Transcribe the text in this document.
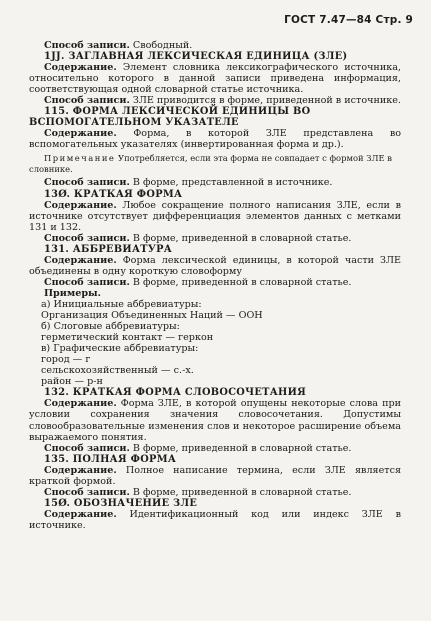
ГОСТ 7.47—84 Стр. 9

Способ записи. Свободный.

1ЈЈ. ЗАГЛАВНАЯ ЛЕКСИЧЕСКАЯ ЕДИНИЦА (ЗЛЕ)

Содержание. Элемент словника лексикографического источника, относительно которого в данной записи приведена информация, соответствующая одной словарной статье источника.

Способ записи. ЗЛЕ приводится в форме, приведенной в источнике.

115. ФОРМА ЛЕКСИЧЕСКОЙ ЕДИНИЦЫ ВО ВСПОМОГАТЕЛЬНОМ УКАЗАТЕЛЕ

Содержание. Форма, в которой ЗЛЕ представлена во вспомогательных указателях (инвертированная форма и др.).

Примечание Употребляется, если эта форма не совпадает с формой ЗЛЕ в словнике.

Способ записи. В форме, представленной в источнике.

13Ø. КРАТКАЯ ФОРМА

Содержание. Любое сокращение полного написания ЗЛЕ, если в источнике отсутствует дифференциация элементов данных с метками 131 и 132.

Способ записи. В форме, приведенной в словарной статье.

131. АББРЕВИАТУРА

Содержание. Форма лексической единицы, в которой части ЗЛЕ объединены в одну короткую словоформу

Способ записи. В форме, приведенной в словарной статье.

Примеры.

а) Инициальные аббревиатуры:

Организация Объединенных Наций — ООН

б) Слоговые аббревиатуры:

герметический контакт — геркон

в) Графические аббревиатуры:

город — г

сельскохозяйственный — с.-х.

район — р-н

132. КРАТКАЯ ФОРМА СЛОВОСОЧЕТАНИЯ

Содержание. Форма ЗЛЕ, в которой опущены некоторые слова при условии сохранения значения словосочетания. Допустимы словообразовательные изменения слов и некоторое расширение объема выражаемого понятия.

Способ записи. В форме, приведенной в словарной статье.

135. ПОЛНАЯ ФОРМА

Содержание. Полное написание термина, если ЗЛЕ является краткой формой.

Способ записи. В форме, приведенной в словарной статье.

15Ø. ОБОЗНАЧЕНИЕ ЗЛЕ

Содержание. Идентификационный код или индекс ЗЛЕ в источнике.
